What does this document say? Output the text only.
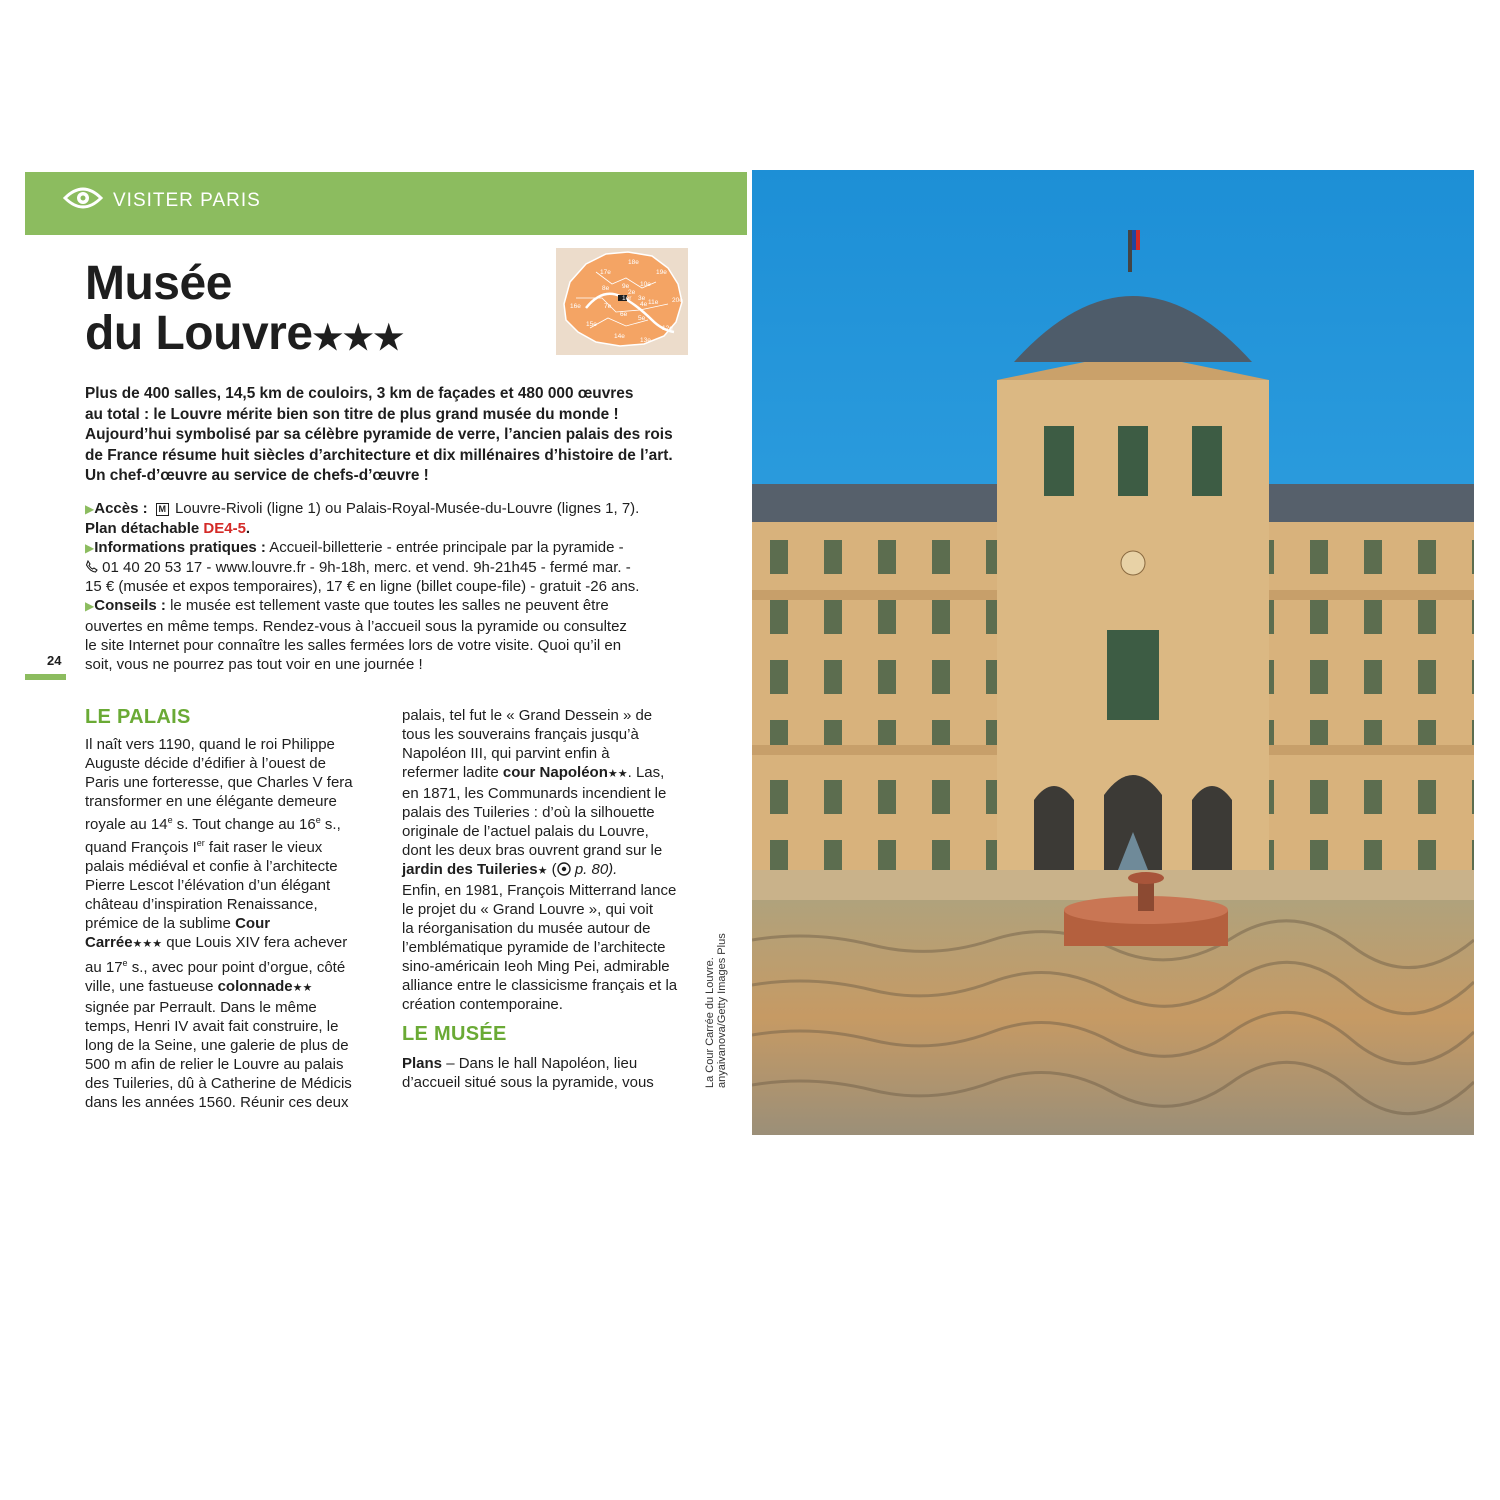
VISITER PARIS
24
Musée
du Louvre★★★
17e
18e
19e
8e 9e 10e
2e
3e
16e	7e
1er
4e 11e 20e
6e
5e
15e
14e
13e
12e
Plus de 400 salles, 14,5 km de couloirs, 3 km de façades et 480 000 œuvres
au total : le Louvre mérite bien son titre de plus grand musée du monde !
Aujourd’hui symbolisé par sa célèbre pyramide de verre, l’ancien palais des rois
de France résume huit siècles d’architecture et dix millénaires d’histoire de l’art.
Un chef-d’œuvre au service de chefs-d’œuvre !
▶Accès : M Louvre-Rivoli (ligne 1) ou Palais-Royal-Musée-du-Louvre (lignes 1, 7).
Plan détachable DE4-5.
▶Informations pratiques : Accueil-billetterie - entrée principale par la pyramide -
01 40 20 53 17 - www.louvre.fr - 9h-18h, merc. et vend. 9h-21h45 - fermé mar. -
15 € (musée et expos temporaires), 17 € en ligne (billet coupe-file) - gratuit -26 ans.
▶Conseils : le musée est tellement vaste que toutes les salles ne peuvent être
ouvertes en même temps. Rendez-vous à l’accueil sous la pyramide ou consultez
le site Internet pour connaître les salles fermées lors de votre visite. Quoi qu’il en
soit, vous ne pourrez pas tout voir en une journée !
LE PALAIS
Il naît vers 1190, quand le roi Philippe
Auguste décide d’édifier à l’ouest de
Paris une forteresse, que Charles V fera
transformer en une élégante demeure
royale au 14e s. Tout change au 16e s.,
quand François Ier fait raser le vieux
palais médiéval et confie à l’architecte
Pierre Lescot l’élévation d’un élégant
château d’inspiration Renaissance,
prémice de la sublime Cour
Carrée★★★ que Louis XIV fera achever
au 17e s., avec pour point d’orgue, côté
ville, une fastueuse colonnade★★
signée par Perrault. Dans le même
temps, Henri IV avait fait construire, le
long de la Seine, une galerie de plus de
500 m afin de relier le Louvre au palais
des Tuileries, dû à Catherine de Médicis
dans les années 1560. Réunir ces deux
palais, tel fut le « Grand Dessein » de
tous les souverains français jusqu’à
Napoléon III, qui parvint enfin à
refermer ladite cour Napoléon★★. Las,
en 1871, les Communards incendient le
palais des Tuileries : d’où la silhouette
originale de l’actuel palais du Louvre,
dont les deux bras ouvrent grand sur le
jardin des Tuileries★ ( p. 80).
Enfin, en 1981, François Mitterrand lance
le projet du « Grand Louvre », qui voit
la réorganisation du musée autour de
l’emblématique pyramide de l’architecte
sino-américain Ieoh Ming Pei, admirable
alliance entre le classicisme français et la
création contemporaine.
LE MUSÉE
Plans – Dans le hall Napoléon, lieu
d’accueil situé sous la pyramide, vous	La Cour Carrée du Louvre.
anyaivanova/Getty Images Plus
